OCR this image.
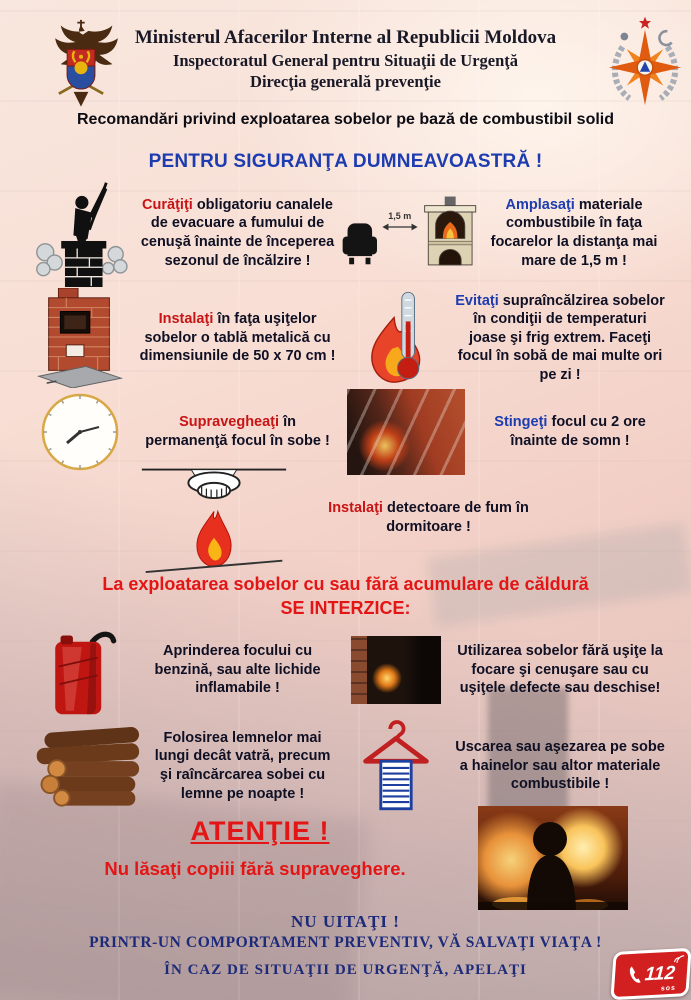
Ministerul Afacerilor Interne al Republicii Moldova
Inspectoratul General pentru Situaţii de Urgenţă
Direcţia generală prevenţie
Recomandări privind exploatarea sobelor pe bază de combustibil solid
PENTRU SIGURANŢA DUMNEAVOASTRĂ !
Curăţiţi obligatoriu canalele de evacuare a fumului de cenuşă înainte de începerea sezonul de încălzire !
1,5 m
Amplasaţi materiale combustibile în faţa focarelor la distanţa mai mare de 1,5 m !
Instalaţi în faţa uşiţelor sobelor o tablă metalică cu dimensiunile de 50 x 70 cm !
Evitaţi supraîncălzirea sobelor în condiţii de temperaturi joase şi frig extrem. Faceţi focul în sobă de mai multe ori pe zi !
Supravegheaţi în permanenţă focul în sobe !
Stingeţi focul cu 2 ore înainte de somn !
Instalaţi detectoare de fum în dormitoare !
La exploatarea sobelor cu sau fără acumulare de căldură
SE INTERZICE:
Aprinderea focului cu benzină, sau alte lichide inflamabile !
Utilizarea sobelor fără uşiţe la focare şi cenuşare sau cu uşiţele defecte sau deschise!
Folosirea lemnelor mai lungi decât vatră, precum şi raîncărcarea sobei cu lemne pe noapte !
Uscarea sau aşezarea pe sobe a hainelor sau altor materiale combustibile !
ATENŢIE !
Nu lăsaţi copiii fără supraveghere.
NU UITAŢI !
PRINTR-UN COMPORTAMENT PREVENTIV, VĂ SALVAŢI VIAŢA !
ÎN CAZ DE SITUAŢII DE URGENŢĂ, APELAŢI	112
sos
